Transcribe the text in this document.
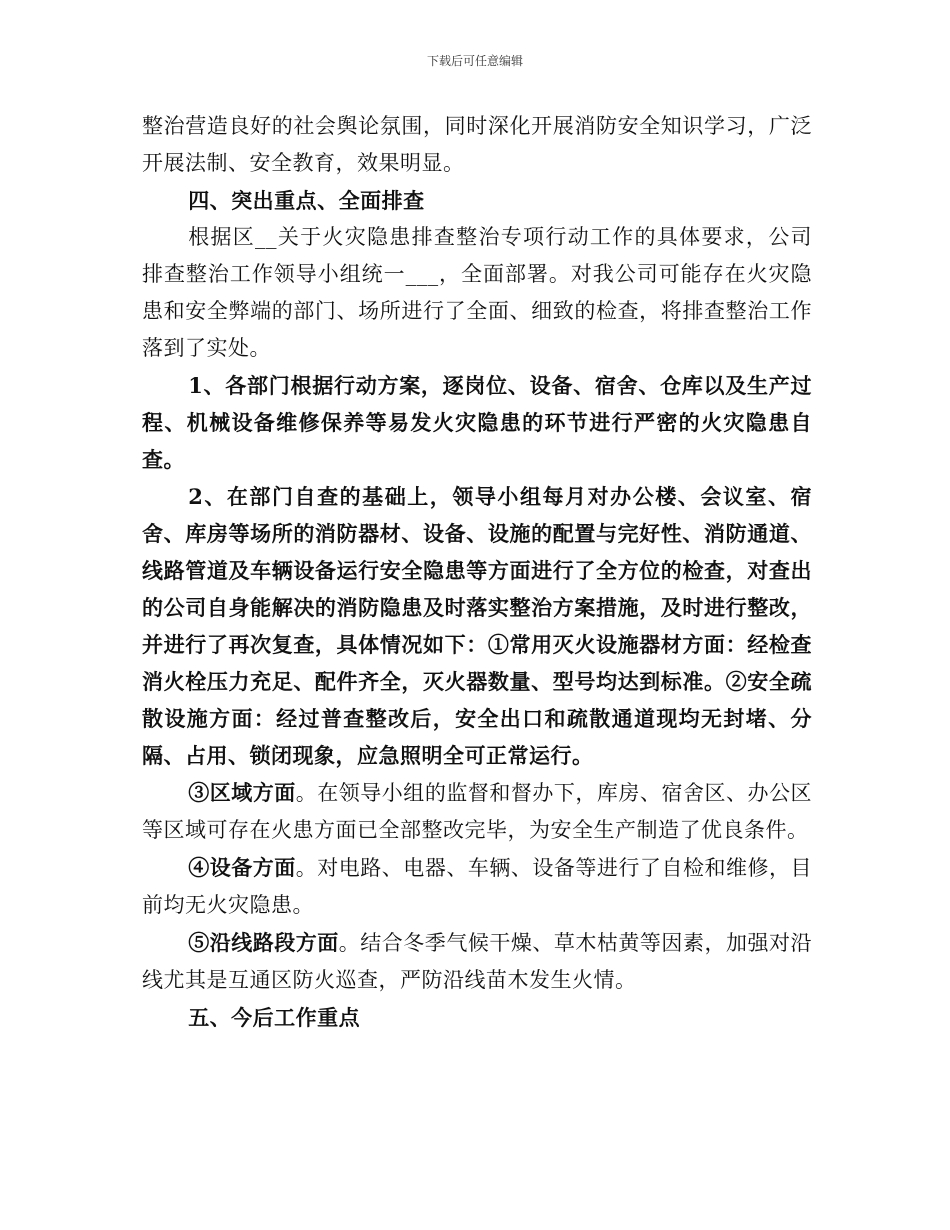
下载后可任意编辑

整治营造良好的社会舆论氛围，同时深化开展消防安全知识学习，广泛开展法制、安全教育，效果明显。

四、突出重点、全面排查

根据区__关于火灾隐患排查整治专项行动工作的具体要求，公司排查整治工作领导小组统一___，全面部署。对我公司可能存在火灾隐患和安全弊端的部门、场所进行了全面、细致的检查，将排查整治工作落到了实处。

1、各部门根据行动方案，逐岗位、设备、宿舍、仓库以及生产过程、机械设备维修保养等易发火灾隐患的环节进行严密的火灾隐患自查。

2、在部门自查的基础上，领导小组每月对办公楼、会议室、宿舍、库房等场所的消防器材、设备、设施的配置与完好性、消防通道、线路管道及车辆设备运行安全隐患等方面进行了全方位的检查，对查出的公司自身能解决的消防隐患及时落实整治方案措施，及时进行整改，并进行了再次复查，具体情况如下：①常用灭火设施器材方面：经检查消火栓压力充足、配件齐全，灭火器数量、型号均达到标准。②安全疏散设施方面：经过普查整改后，安全出口和疏散通道现均无封堵、分隔、占用、锁闭现象，应急照明全可正常运行。

③区域方面。在领导小组的监督和督办下，库房、宿舍区、办公区等区域可存在火患方面已全部整改完毕，为安全生产制造了优良条件。

④设备方面。对电路、电器、车辆、设备等进行了自检和维修，目前均无火灾隐患。

⑤沿线路段方面。结合冬季气候干燥、草木枯黄等因素，加强对沿线尤其是互通区防火巡查，严防沿线苗木发生火情。

五、今后工作重点
